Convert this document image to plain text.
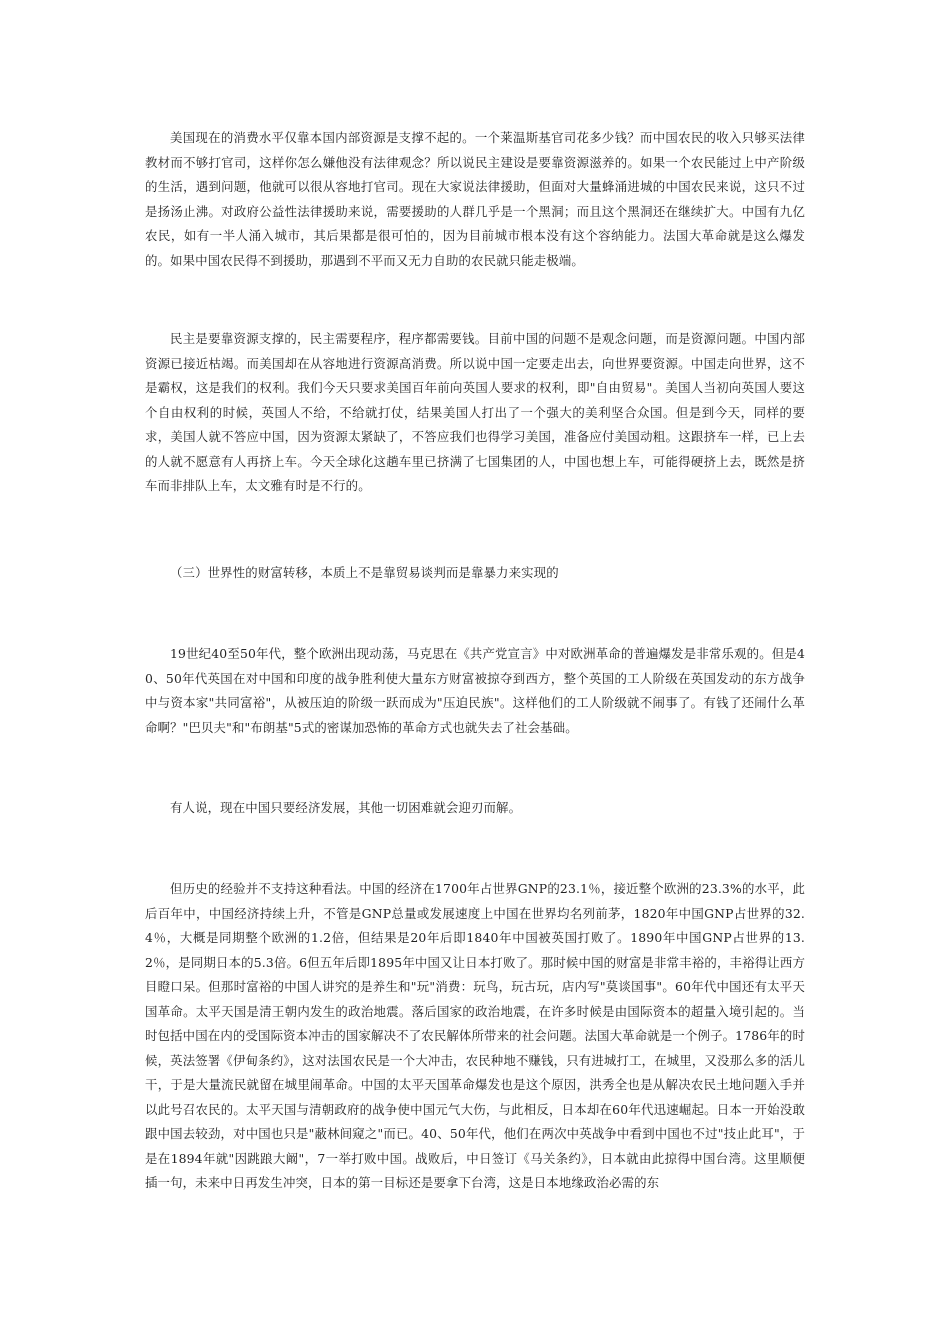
美国现在的消费水平仅靠本国内部资源是支撑不起的。一个莱温斯基官司花多少钱？而中国农民的收入只够买法律教材而不够打官司，这样你怎么嫌他没有法律观念？所以说民主建设是要靠资源滋养的。如果一个农民能过上中产阶级的生活，遇到问题，他就可以很从容地打官司。现在大家说法律援助，但面对大量蜂涌进城的中国农民来说，这只不过是扬汤止沸。对政府公益性法律援助来说，需要援助的人群几乎是一个黑洞；而且这个黑洞还在继续扩大。中国有九亿农民，如有一半人涌入城市，其后果都是很可怕的，因为目前城市根本没有这个容纳能力。法国大革命就是这么爆发的。如果中国农民得不到援助，那遇到不平而又无力自助的农民就只能走极端。

民主是要靠资源支撑的，民主需要程序，程序都需要钱。目前中国的问题不是观念问题，而是资源问题。中国内部资源已接近枯竭。而美国却在从容地进行资源高消费。所以说中国一定要走出去，向世界要资源。中国走向世界，这不是霸权，这是我们的权利。我们今天只要求美国百年前向英国人要求的权利，即"自由贸易"。美国人当初向英国人要这个自由权利的时候，英国人不给，不给就打仗，结果美国人打出了一个强大的美利坚合众国。但是到今天，同样的要求，美国人就不答应中国，因为资源太紧缺了，不答应我们也得学习美国，准备应付美国动粗。这跟挤车一样，已上去的人就不愿意有人再挤上车。今天全球化这趟车里已挤满了七国集团的人，中国也想上车，可能得硬挤上去，既然是挤车而非排队上车，太文雅有时是不行的。

（三）世界性的财富转移，本质上不是靠贸易谈判而是靠暴力来实现的

19世纪40至50年代，整个欧洲出现动荡，马克思在《共产党宣言》中对欧洲革命的普遍爆发是非常乐观的。但是40、50年代英国在对中国和印度的战争胜利使大量东方财富被掠夺到西方，整个英国的工人阶级在英国发动的东方战争中与资本家"共同富裕"，从被压迫的阶级一跃而成为"压迫民族"。这样他们的工人阶级就不闹事了。有钱了还闹什么革命啊？"巴贝夫"和"布朗基"5式的密谋加恐怖的革命方式也就失去了社会基础。

有人说，现在中国只要经济发展，其他一切困难就会迎刃而解。

但历史的经验并不支持这种看法。中国的经济在1700年占世界GNP的23.1％，接近整个欧洲的23.3%的水平，此后百年中，中国经济持续上升，不管是GNP总量或发展速度上中国在世界均名列前茅，1820年中国GNP占世界的32.4％，大概是同期整个欧洲的1.2倍，但结果是20年后即1840年中国被英国打败了。1890年中国GNP占世界的13.2％，是同期日本的5.3倍。6但五年后即1895年中国又让日本打败了。那时候中国的财富是非常丰裕的，丰裕得让西方目瞪口呆。但那时富裕的中国人讲究的是养生和"玩"消费：玩鸟，玩古玩，店内写"莫谈国事"。60年代中国还有太平天国革命。太平天国是清王朝内发生的政治地震。落后国家的政治地震，在许多时候是由国际资本的超量入境引起的。当时包括中国在内的受国际资本冲击的国家解决不了农民解体所带来的社会问题。法国大革命就是一个例子。1786年的时候，英法签署《伊甸条约》，这对法国农民是一个大冲击，农民种地不赚钱，只有进城打工，在城里，又没那么多的活儿干，于是大量流民就留在城里闹革命。中国的太平天国革命爆发也是这个原因，洪秀全也是从解决农民土地问题入手并以此号召农民的。太平天国与清朝政府的战争使中国元气大伤，与此相反，日本却在60年代迅速崛起。日本一开始没敢跟中国去较劲，对中国也只是"蔽林间窥之"而已。40、50年代，他们在两次中英战争中看到中国也不过"技止此耳"，于是在1894年就"因跳踉大阚"，7一举打败中国。战败后，中日签订《马关条约》，日本就由此掠得中国台湾。这里顺便插一句，未来中日再发生冲突，日本的第一目标还是要拿下台湾，这是日本地缘政治必需的东
